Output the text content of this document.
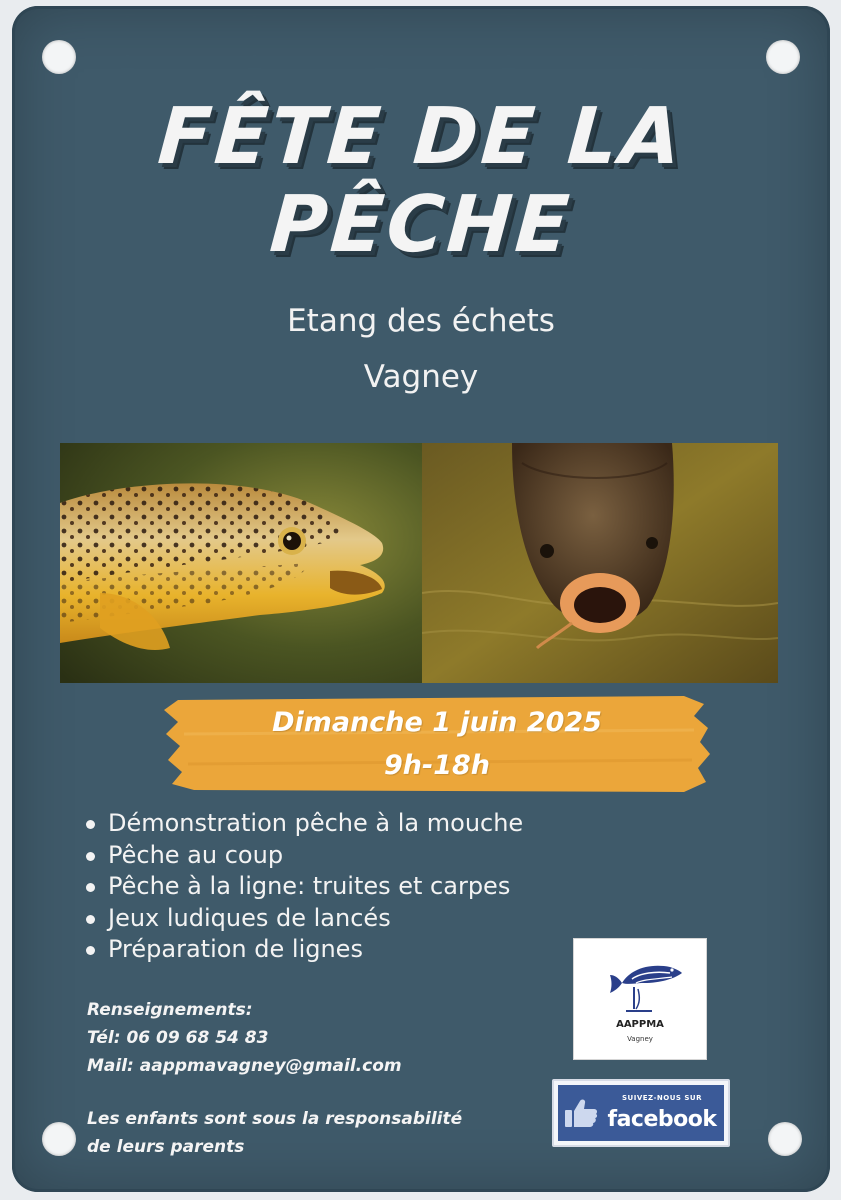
FÊTE DE LA
PÊCHE
Etang des échets
Vagney
Dimanche 1 juin 2025
9h-18h
Démonstration pêche à la mouche
Pêche au coup
Pêche à la ligne: truites et carpes
Jeux ludiques de lancés
Préparation de lignes
Renseignements:
Tél: 06 09 68 54 83
Mail: aappmavagney@gmail.com
Les enfants sont sous la responsabilité de leurs parents
AAPPMA
Vagney
SUIVEZ-NOUS SUR
facebook
